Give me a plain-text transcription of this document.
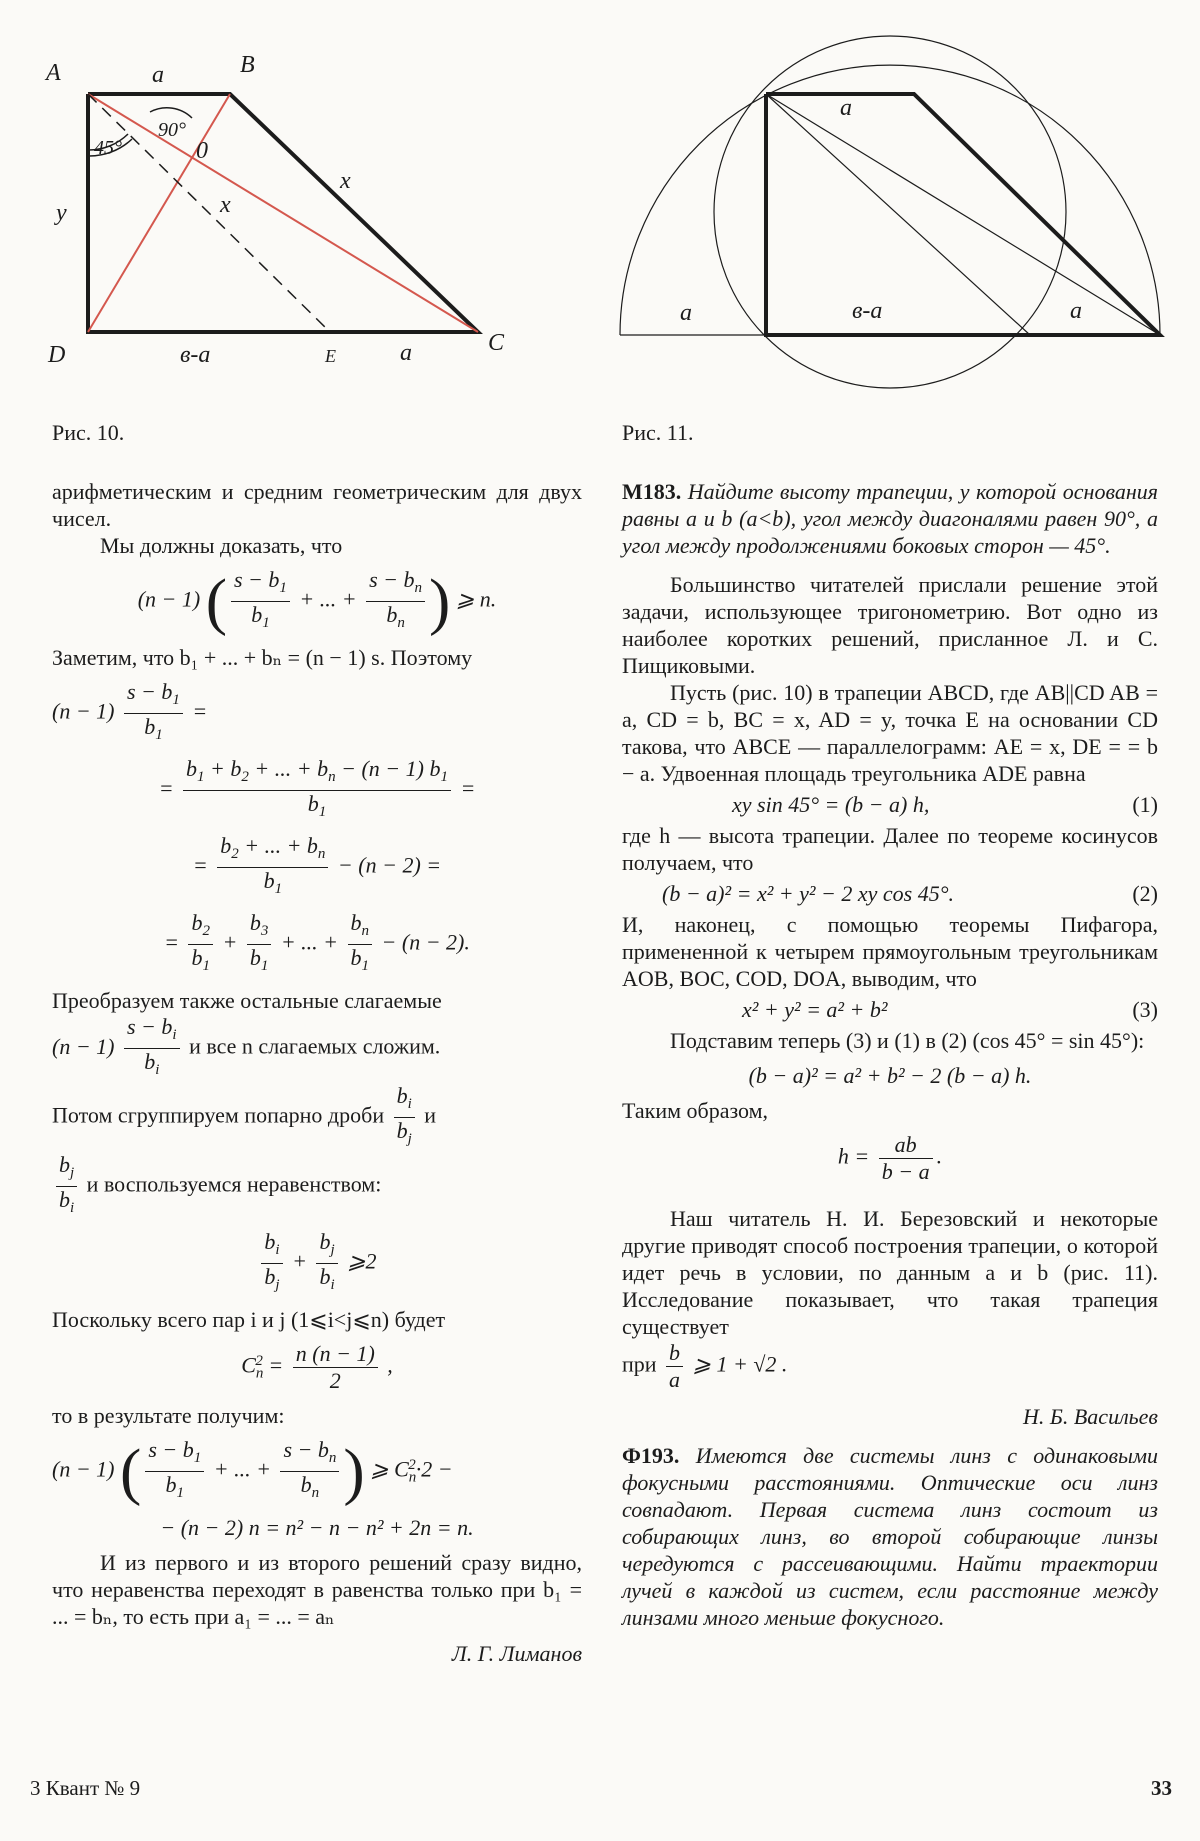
A	B
C
D	E
0
a
a
x
x
y
45°
90°
в-a
Рис. 10.
a
a	a
в-a
Рис. 11.

арифметическим и средним геометрическим для двух чисел.

Мы должны доказать, что

(n − 1) ( $\frac{s - b_1}{b_1}$ + ... + $\frac{s - b_n}{b_n}$ ) ⩾ n.

Заметим, что b₁ + ... + bₙ = (n − 1) s. Поэтому

$(n - 1) \frac{s - b_1}{b_1}$ =
= $\frac{b_1 + b_2 + ... + b_n - (n - 1) b_1}{b_1}$ =
= $\frac{b_2 + ... + b_n}{b_1} - (n - 2)$ =
= $\frac{b_2}{b_1} + \frac{b_3}{b_1}$ + ... + $\frac{b_n}{b_1} - (n - 2)$.

Преобразуем также остальные слагаемые

$(n - 1) \frac{s - b_i}{b_i}$ и все n слагаемых сложим.

Потом сгруппируем попарно дроби $\frac{b_i}{b_j}$ и

$\frac{b_j}{b_i}$ и воспользуемся неравенством:

$\frac{b_i}{b_j} + \frac{b_j}{b_i}$ ⩾2

Поскольку всего пар i и j (1⩽i<j⩽n) будет

$C_n^2 = \frac{n (n - 1)}{2}$ ,

то в результате получим:

(n − 1) ( $\frac{s - b_1}{b_1}$ + ... + $\frac{s - b_n}{b_n}$ ) ⩾ $C_n^2\cdot 2$ −
− (n − 2) n = n² − n − n² + 2n = n.

И из первого и из второго решений сразу видно, что неравенства переходят в равенства только при b₁ = ... = bₙ, то есть при a₁ = ... = aₙ

Л. Г. Лиманов

M183. Найдите высоту трапеции, у которой основания равны a и b (a<b), угол между диагоналями равен 90°, а угол между продолжениями боковых сторон — 45°.

Большинство читателей прислали решение этой задачи, использующее тригонометрию. Вот одно из наиболее коротких решений, присланное Л. и С. Пищиковыми.

Пусть (рис. 10) в трапеции ABCD, где AB||CD AB = a, CD = b, BC = x, AD = y, точка E на основании CD такова, что ABCE — параллелограмм: AE = x, DE = = b − a. Удвоенная площадь треугольника ADE равна

xy sin 45° = (b − a) h,	(1)

где h — высота трапеции. Далее по теореме косинусов получаем, что

(b − a)² = x² + y² − 2 xy cos 45°.	(2)

И, наконец, с помощью теоремы Пифагора, примененной к четырем прямоугольным треугольникам AOB, BOC, COD, DOA, выводим, что

x² + y² = a² + b²	(3)

Подставим теперь (3) и (1) в (2) (cos 45° = sin 45°):

(b − a)² = a² + b² − 2 (b − a) h.

Таким образом,

$h = \frac{ab}{b - a}$ .

Наш читатель Н. И. Березовский и некоторые другие приводят способ построения трапеции, о которой идет речь в условии, по данным a и b (рис. 11). Исследование показывает, что такая трапеция существует

при $\frac{b}{a}$ ⩾ 1 + √2 .

Н. Б. Васильев

Ф193. Имеются две системы линз с одинаковыми фокусными расстояниями. Оптические оси линз совпадают. Первая система линз состоит из собирающих линз, во второй собирающие линзы чередуются с рассеивающими. Найти траектории лучей в каждой из систем, если расстояние между линзами много меньше фокусного.

3 Квант № 9	33
